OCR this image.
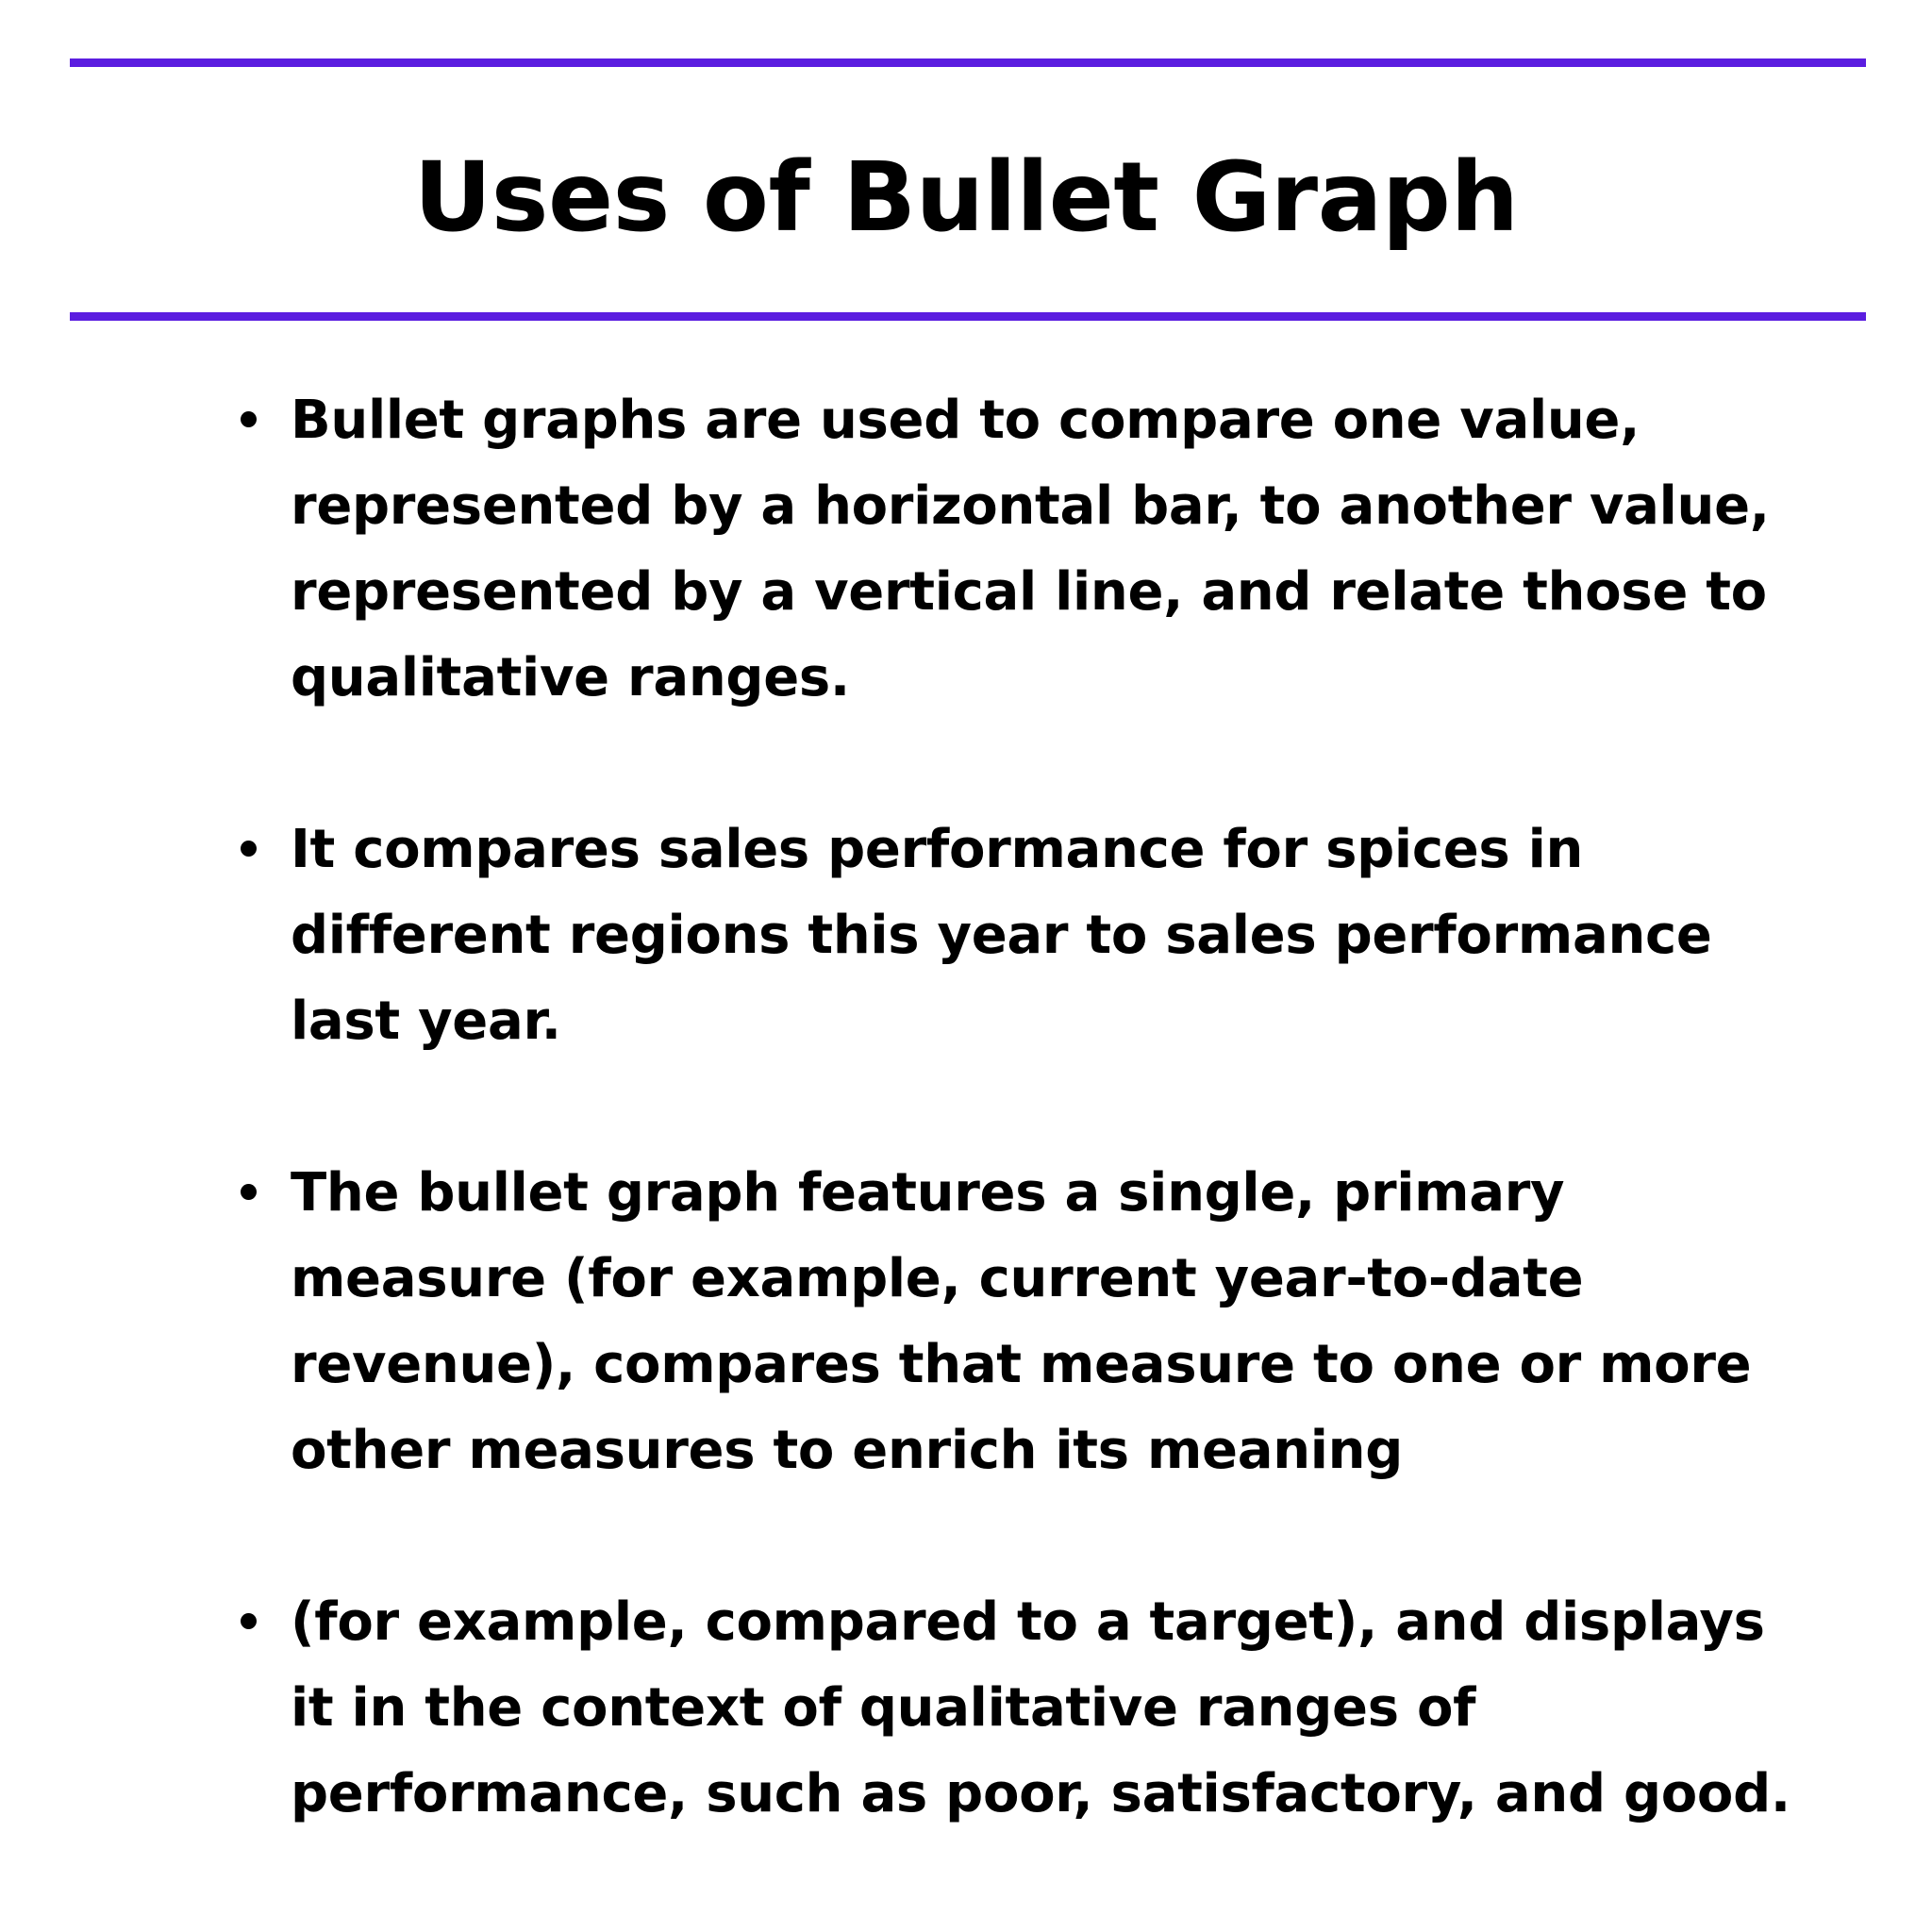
Uses of Bullet Graph
Bullet graphs are used to compare one value, represented by a horizontal bar, to another value, represented by a vertical line, and relate those to qualitative ranges.
It compares sales performance for spices in different regions this year to sales performance last year.
The bullet graph features a single, primary measure (for example, current year-to-date revenue), compares that measure to one or more other measures to enrich its meaning
(for example, compared to a target), and displays it in the context of qualitative ranges of performance, such as poor, satisfactory, and good.
